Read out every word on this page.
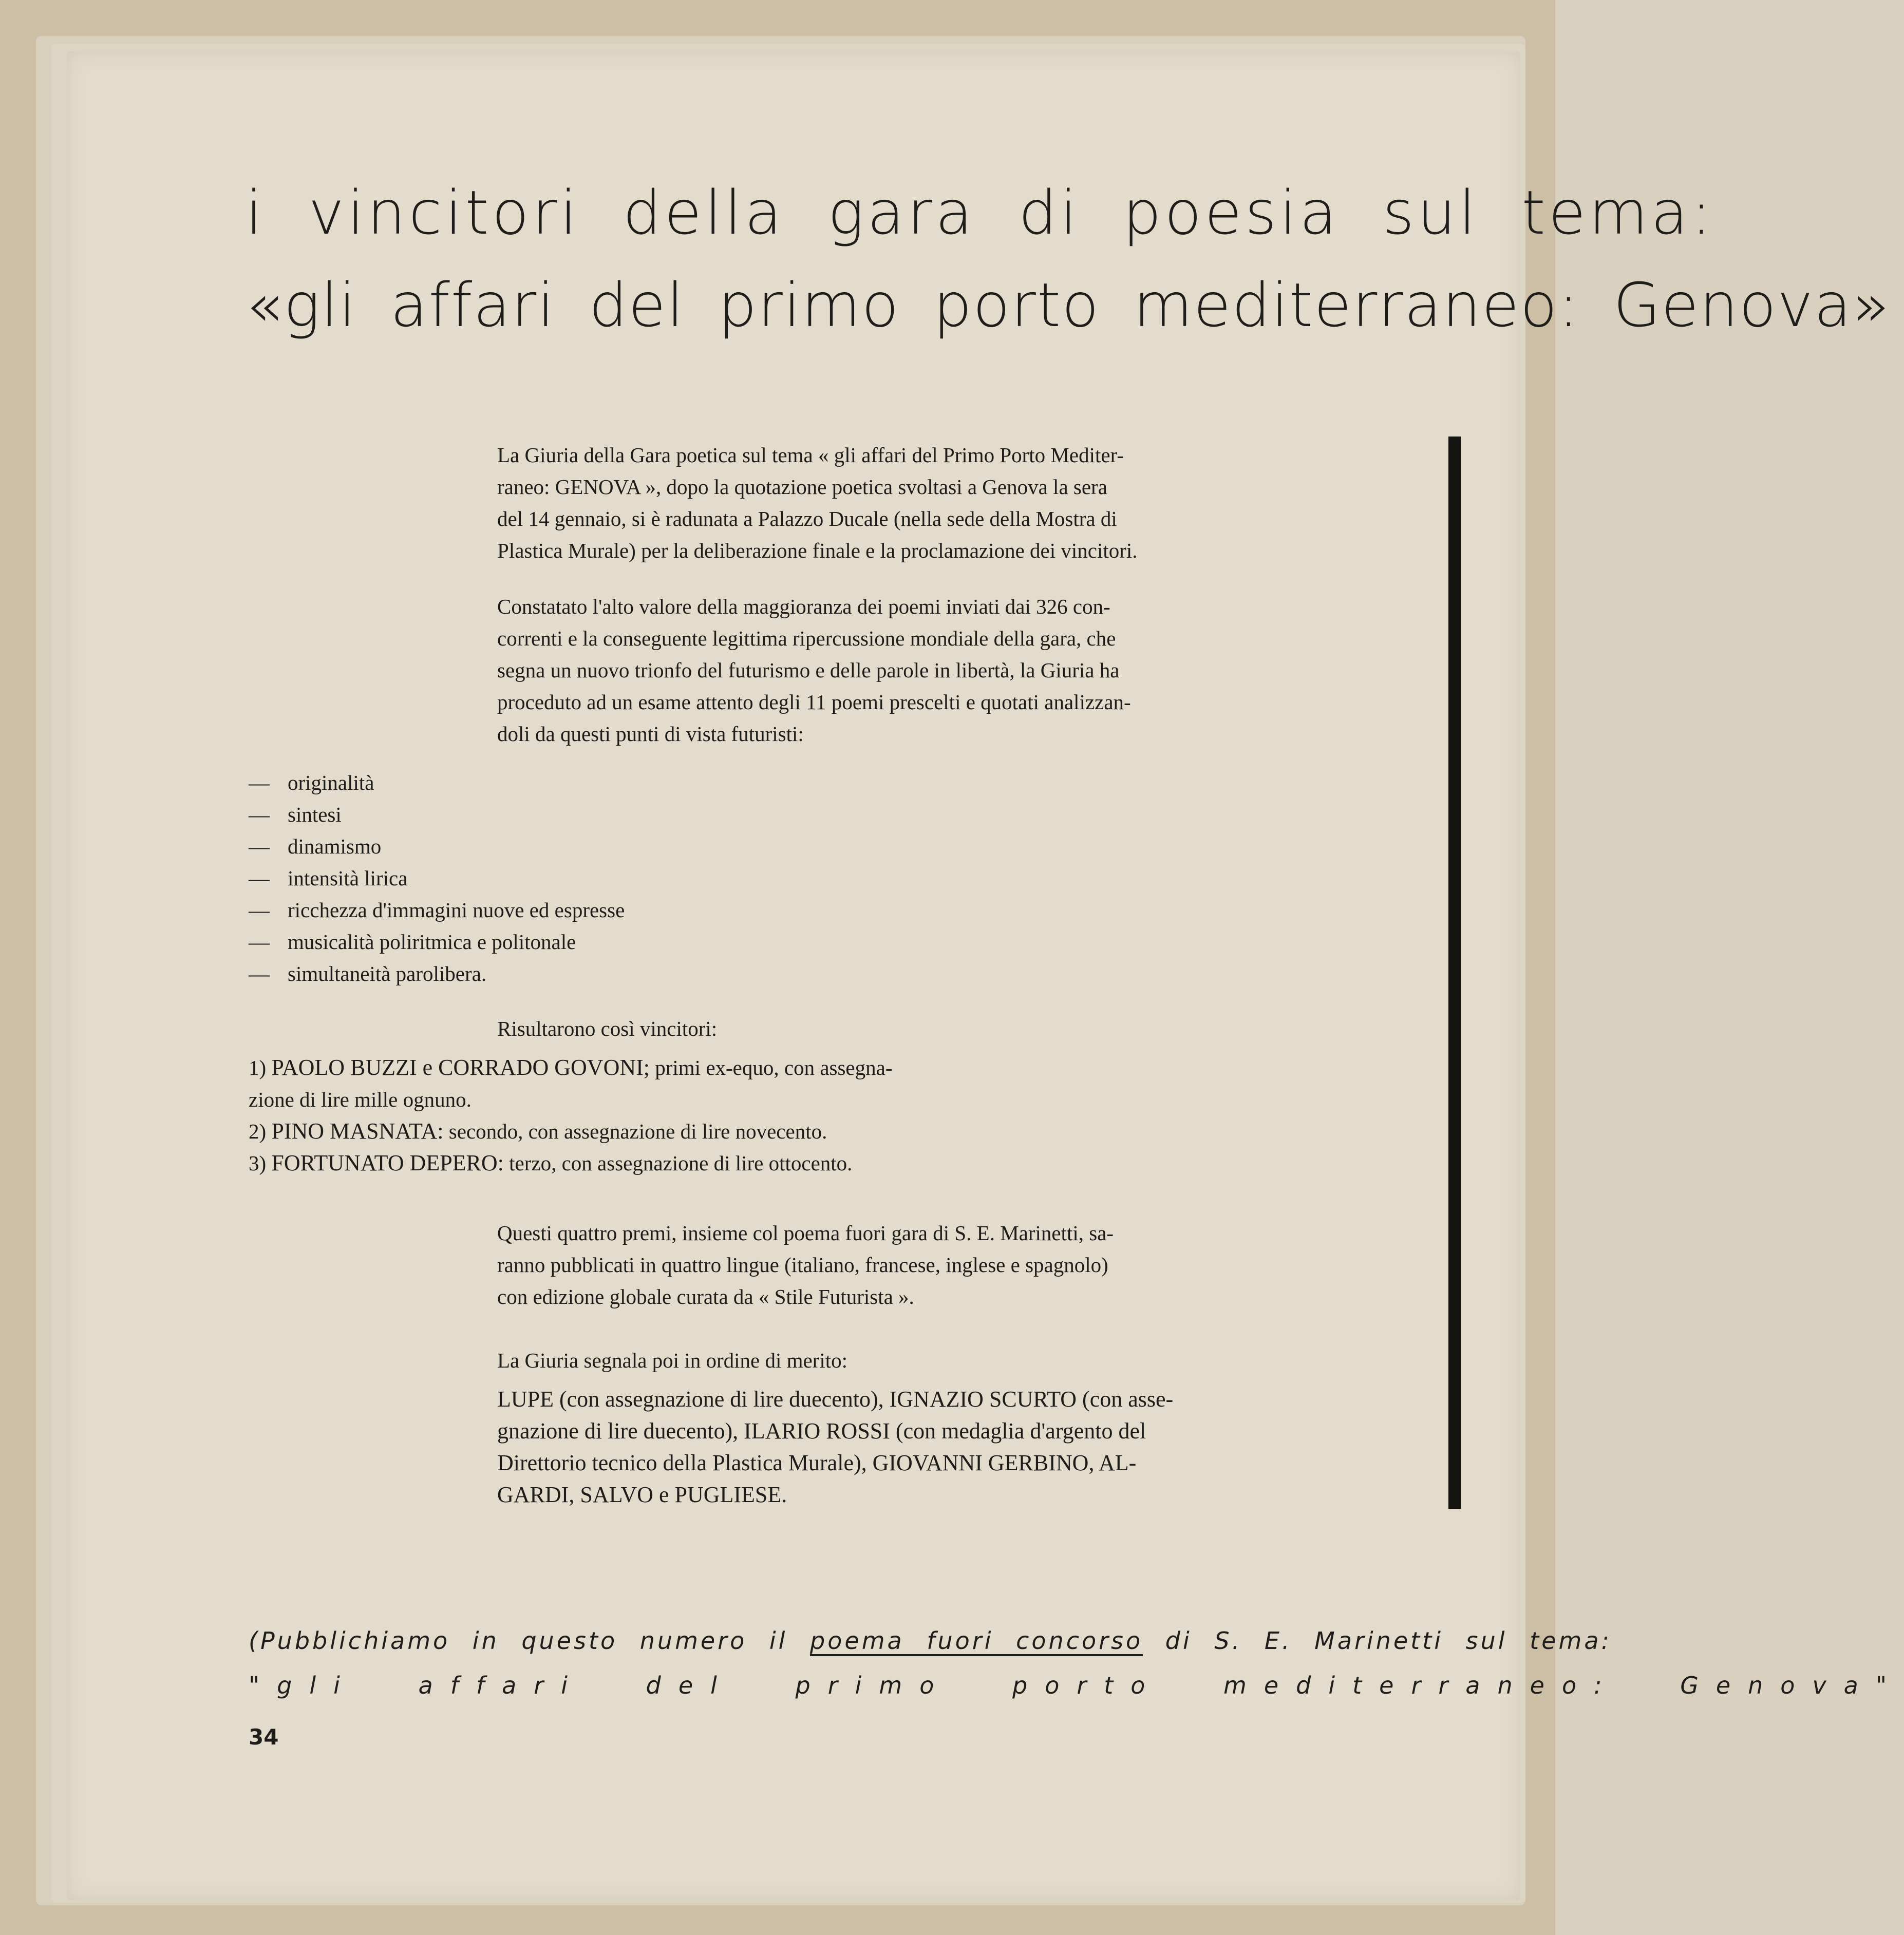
i vincitori della gara di poesia sul tema:
«gli affari del primo porto mediterraneo: Genova»

La Giuria della Gara poetica sul tema « gli affari del Primo Porto Mediter-
raneo: GENOVA », dopo la quotazione poetica svoltasi a Genova la sera
del 14 gennaio, si è radunata a Palazzo Ducale (nella sede della Mostra di
Plastica Murale) per la deliberazione finale e la proclamazione dei vincitori.

Constatato l'alto valore della maggioranza dei poemi inviati dai 326 con-
correnti e la conseguente legittima ripercussione mondiale della gara, che
segna un nuovo trionfo del futurismo e delle parole in libertà, la Giuria ha
proceduto ad un esame attento degli 11 poemi prescelti e quotati analizzan-
doli da questi punti di vista futuristi:

— originalità
— sintesi
— dinamismo
— intensità lirica
— ricchezza d'immagini nuove ed espresse
— musicalità poliritmica e politonale
— simultaneità parolibera.

Risultarono così vincitori:

1) PAOLO BUZZI e CORRADO GOVONI; primi ex-equo, con assegna-
zione di lire mille ognuno.
2) PINO MASNATA: secondo, con assegnazione di lire novecento.
3) FORTUNATO DEPERO: terzo, con assegnazione di lire ottocento.

Questi quattro premi, insieme col poema fuori gara di S. E. Marinetti, sa-
ranno pubblicati in quattro lingue (italiano, francese, inglese e spagnolo)
con edizione globale curata da « Stile Futurista ».

La Giuria segnala poi in ordine di merito:

LUPE (con assegnazione di lire duecento), IGNAZIO SCURTO (con asse-
gnazione di lire duecento), ILARIO ROSSI (con medaglia d'argento del
Direttorio tecnico della Plastica Murale), GIOVANNI GERBINO, AL-
GARDI, SALVO e PUGLIESE.

(Pubblichiamo in questo numero il poema fuori concorso di S. E. Marinetti sul tema:
"gli affari del primo porto mediterraneo: Genova"
34
